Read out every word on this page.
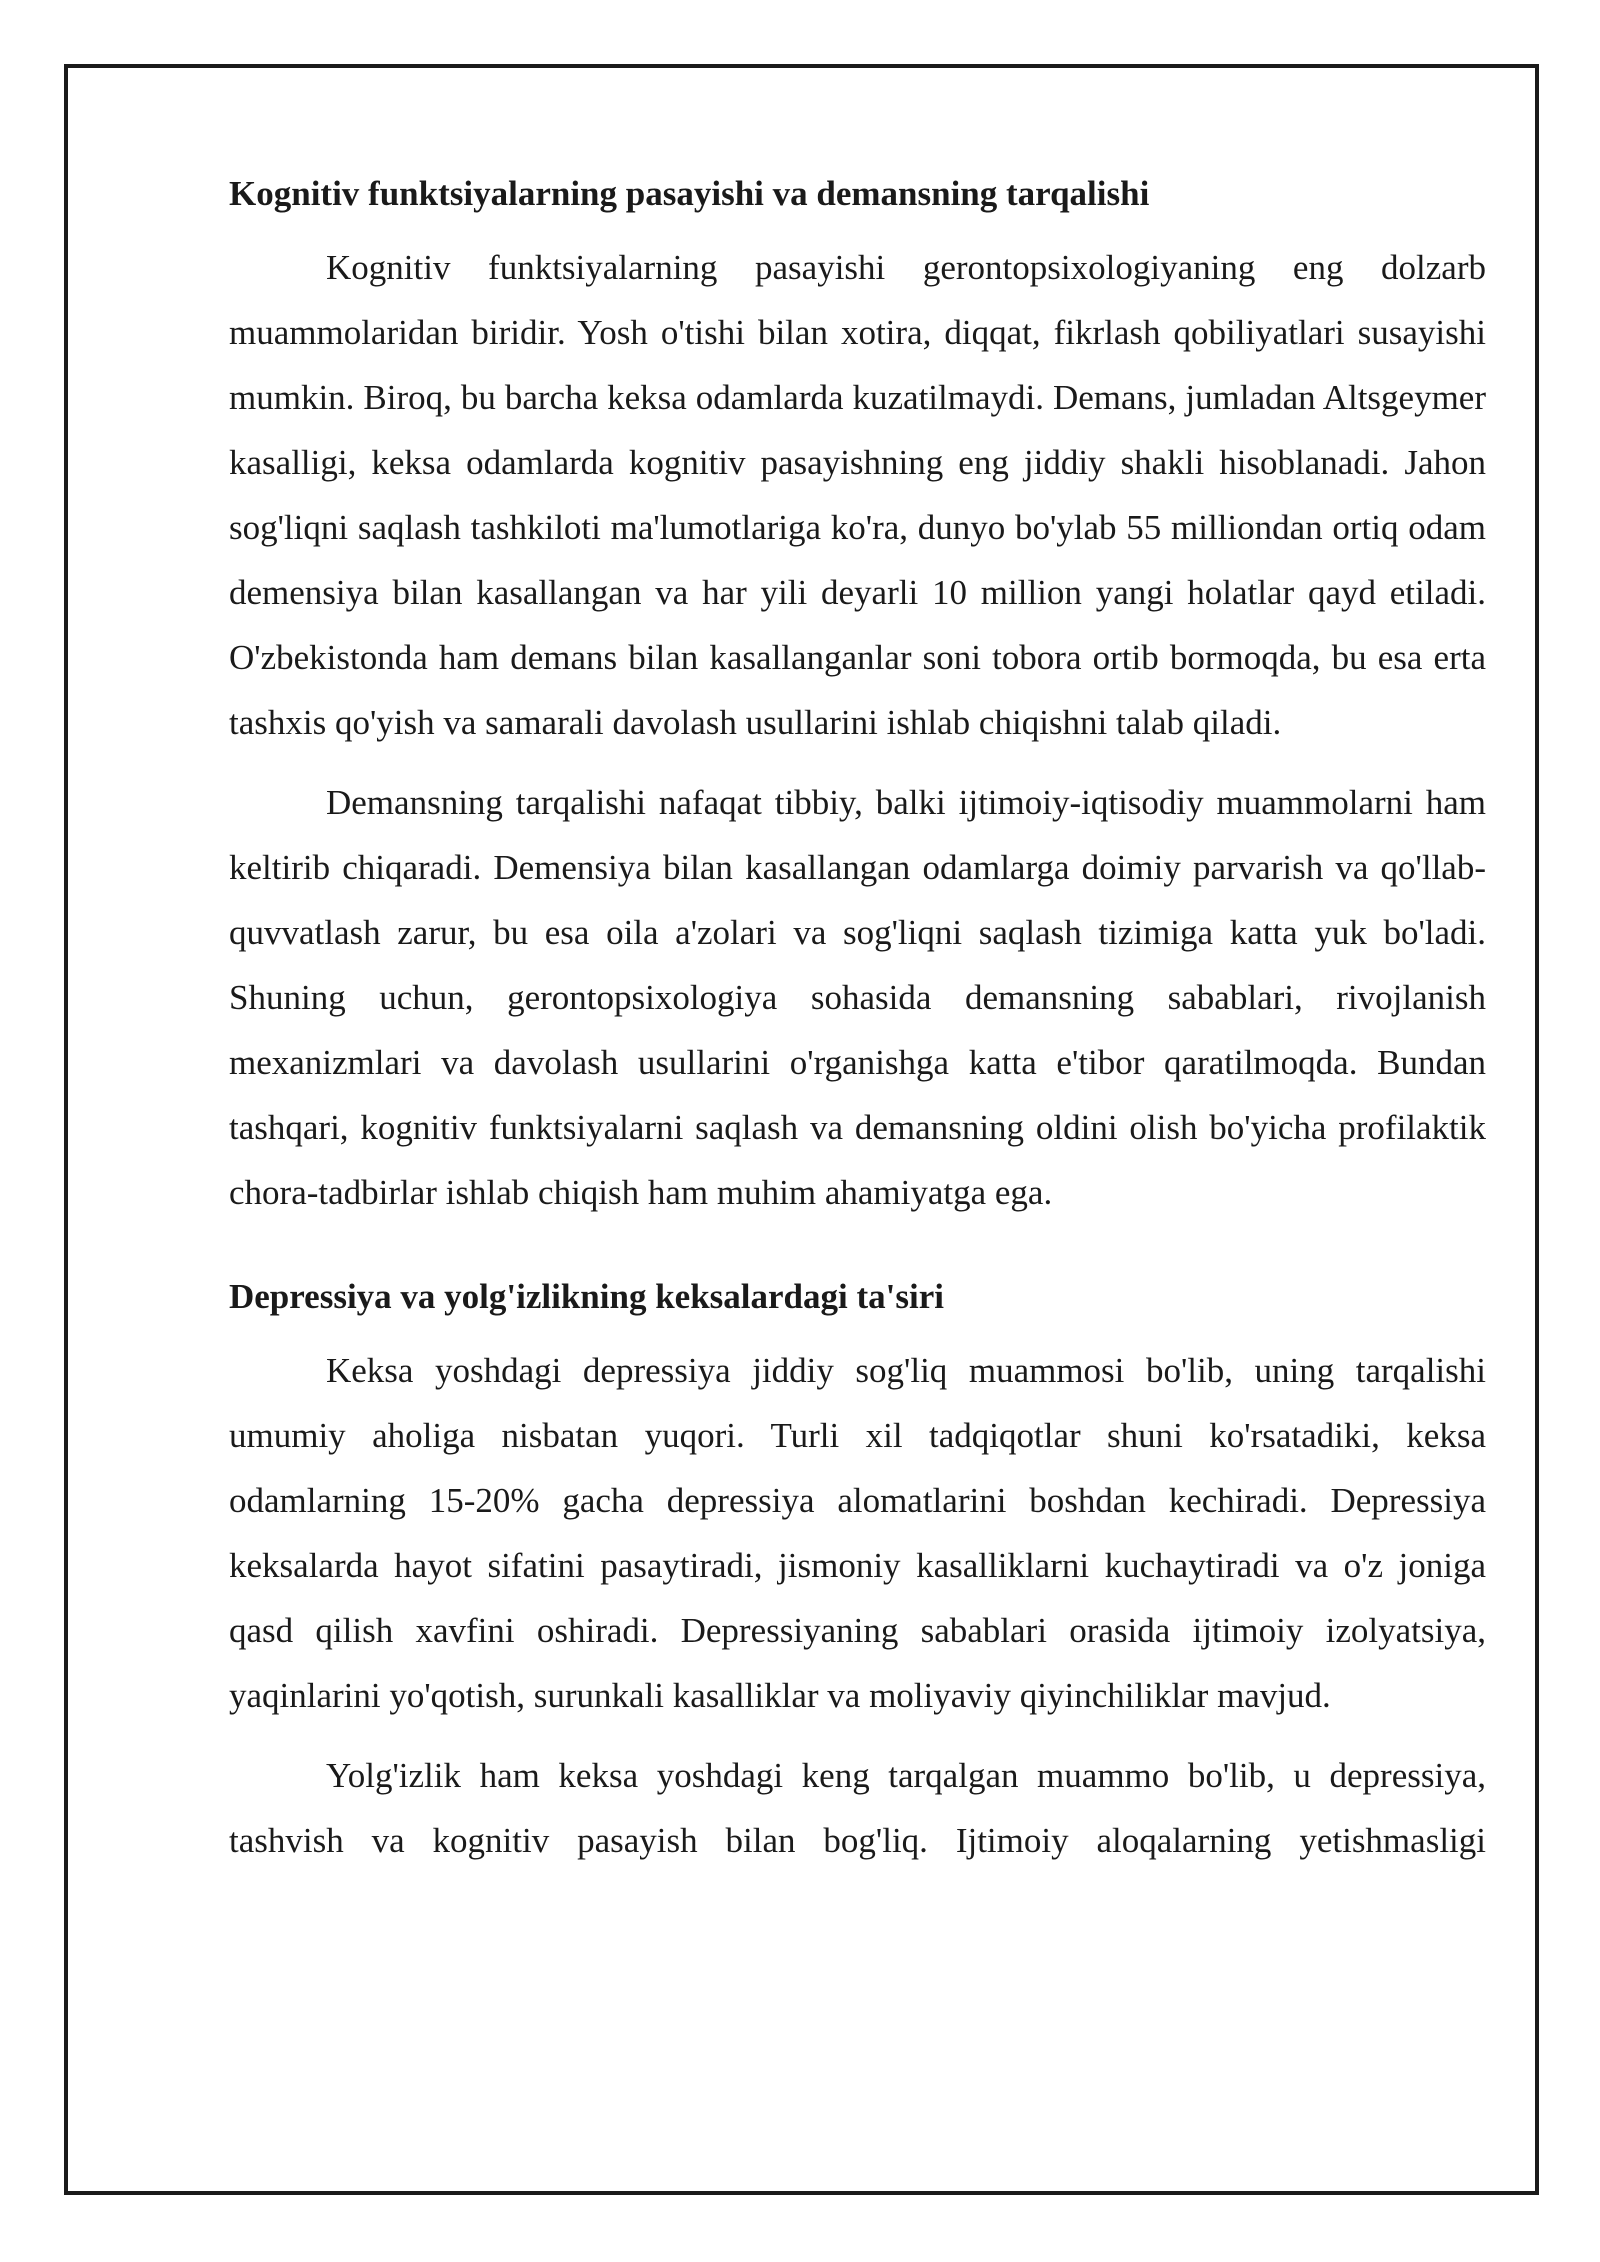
Kognitiv funktsiyalarning pasayishi va demansning tarqalishi

Kognitiv funktsiyalarning pasayishi gerontopsixologiyaning eng dolzarb muammolaridan biridir. Yosh o'tishi bilan xotira, diqqat, fikrlash qobiliyatlari susayishi mumkin. Biroq, bu barcha keksa odamlarda kuzatilmaydi. Demans, jumladan Altsgeymer kasalligi, keksa odamlarda kognitiv pasayishning eng jiddiy shakli hisoblanadi. Jahon sog'liqni saqlash tashkiloti ma'lumotlariga ko'ra, dunyo bo'ylab 55 milliondan ortiq odam demensiya bilan kasallangan va har yili deyarli 10 million yangi holatlar qayd etiladi. O'zbekistonda ham demans bilan kasallanganlar soni tobora ortib bormoqda, bu esa erta tashxis qo'yish va samarali davolash usullarini ishlab chiqishni talab qiladi.

Demansning tarqalishi nafaqat tibbiy, balki ijtimoiy-iqtisodiy muammolarni ham keltirib chiqaradi. Demensiya bilan kasallangan odamlarga doimiy parvarish va qo'llab-quvvatlash zarur, bu esa oila a'zolari va sog'liqni saqlash tizimiga katta yuk bo'ladi. Shuning uchun, gerontopsixologiya sohasida demansning sabablari, rivojlanish mexanizmlari va davolash usullarini o'rganishga katta e'tibor qaratilmoqda. Bundan tashqari, kognitiv funktsiyalarni saqlash va demansning oldini olish bo'yicha profilaktik chora-tadbirlar ishlab chiqish ham muhim ahamiyatga ega.

Depressiya va yolg'izlikning keksalardagi ta'siri

Keksa yoshdagi depressiya jiddiy sog'liq muammosi bo'lib, uning tarqalishi umumiy aholiga nisbatan yuqori. Turli xil tadqiqotlar shuni ko'rsatadiki, keksa odamlarning 15-20% gacha depressiya alomatlarini boshdan kechiradi. Depressiya keksalarda hayot sifatini pasaytiradi, jismoniy kasalliklarni kuchaytiradi va o'z joniga qasd qilish xavfini oshiradi. Depressiyaning sabablari orasida ijtimoiy izolyatsiya, yaqinlarini yo'qotish, surunkali kasalliklar va moliyaviy qiyinchiliklar mavjud.

Yolg'izlik ham keksa yoshdagi keng tarqalgan muammo bo'lib, u depressiya, tashvish va kognitiv pasayish bilan bog'liq. Ijtimoiy aloqalarning yetishmasligi
